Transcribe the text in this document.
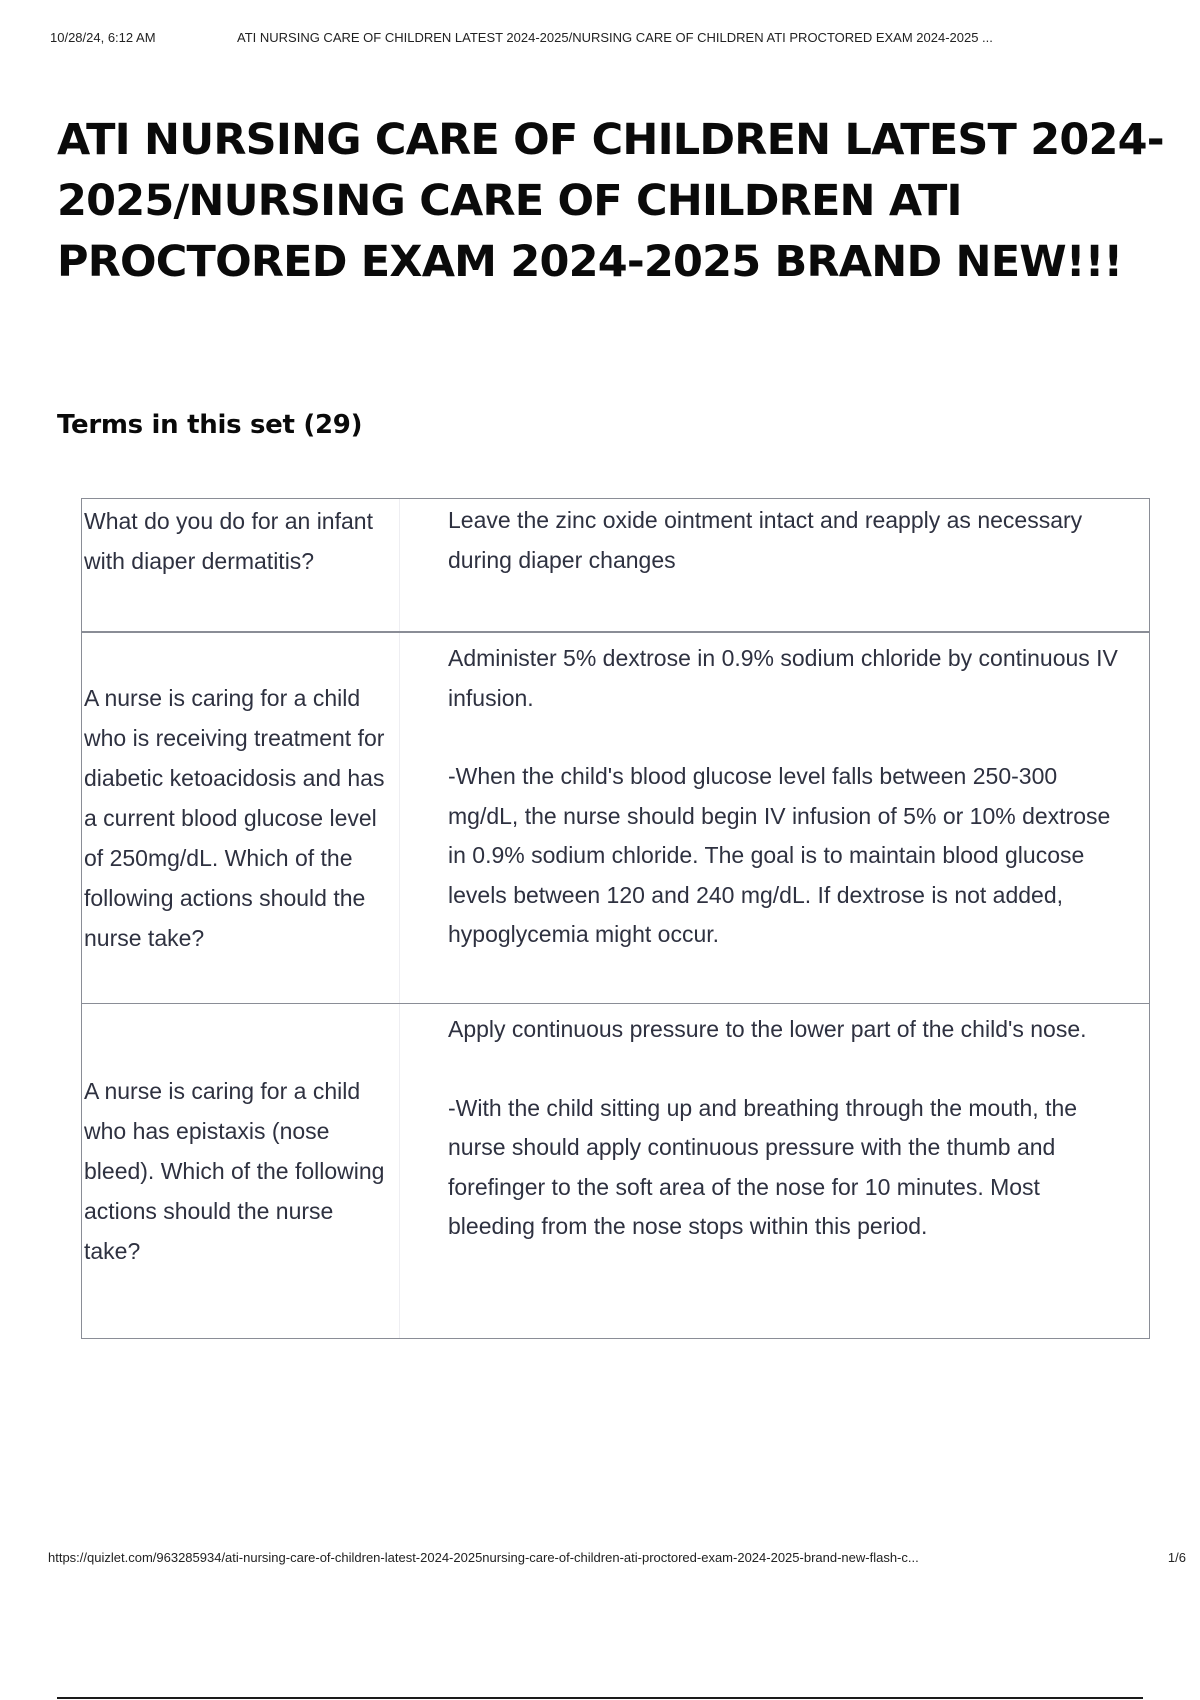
10/28/24, 6:12 AM	ATI NURSING CARE OF CHILDREN LATEST 2024-2025/NURSING CARE OF CHILDREN ATI PROCTORED EXAM 2024-2025 ...
ATI NURSING CARE OF CHILDREN LATEST 2024-2025/NURSING CARE OF CHILDREN ATI PROCTORED EXAM 2024-2025 BRAND NEW!!!
Terms in this set (29)
What do you do for an infant with diaper dermatitis?
Leave the zinc oxide ointment intact and reapply as necessary during diaper changes
A nurse is caring for a child who is receiving treatment for diabetic ketoacidosis and has a current blood glucose level of 250mg/dL. Which of the following actions should the nurse take?
Administer 5% dextrose in 0.9% sodium chloride by continuous IV infusion.
-When the child's blood glucose level falls between 250-300 mg/dL, the nurse should begin IV infusion of 5% or 10% dextrose in 0.9% sodium chloride. The goal is to maintain blood glucose levels between 120 and 240 mg/dL. If dextrose is not added, hypoglycemia might occur.
A nurse is caring for a child who has epistaxis (nose bleed). Which of the following actions should the nurse take?
Apply continuous pressure to the lower part of the child's nose.
-With the child sitting up and breathing through the mouth, the nurse should apply continuous pressure with the thumb and forefinger to the soft area of the nose for 10 minutes. Most bleeding from the nose stops within this period.
https://quizlet.com/963285934/ati-nursing-care-of-children-latest-2024-2025nursing-care-of-children-ati-proctored-exam-2024-2025-brand-new-flash-c...	1/6
